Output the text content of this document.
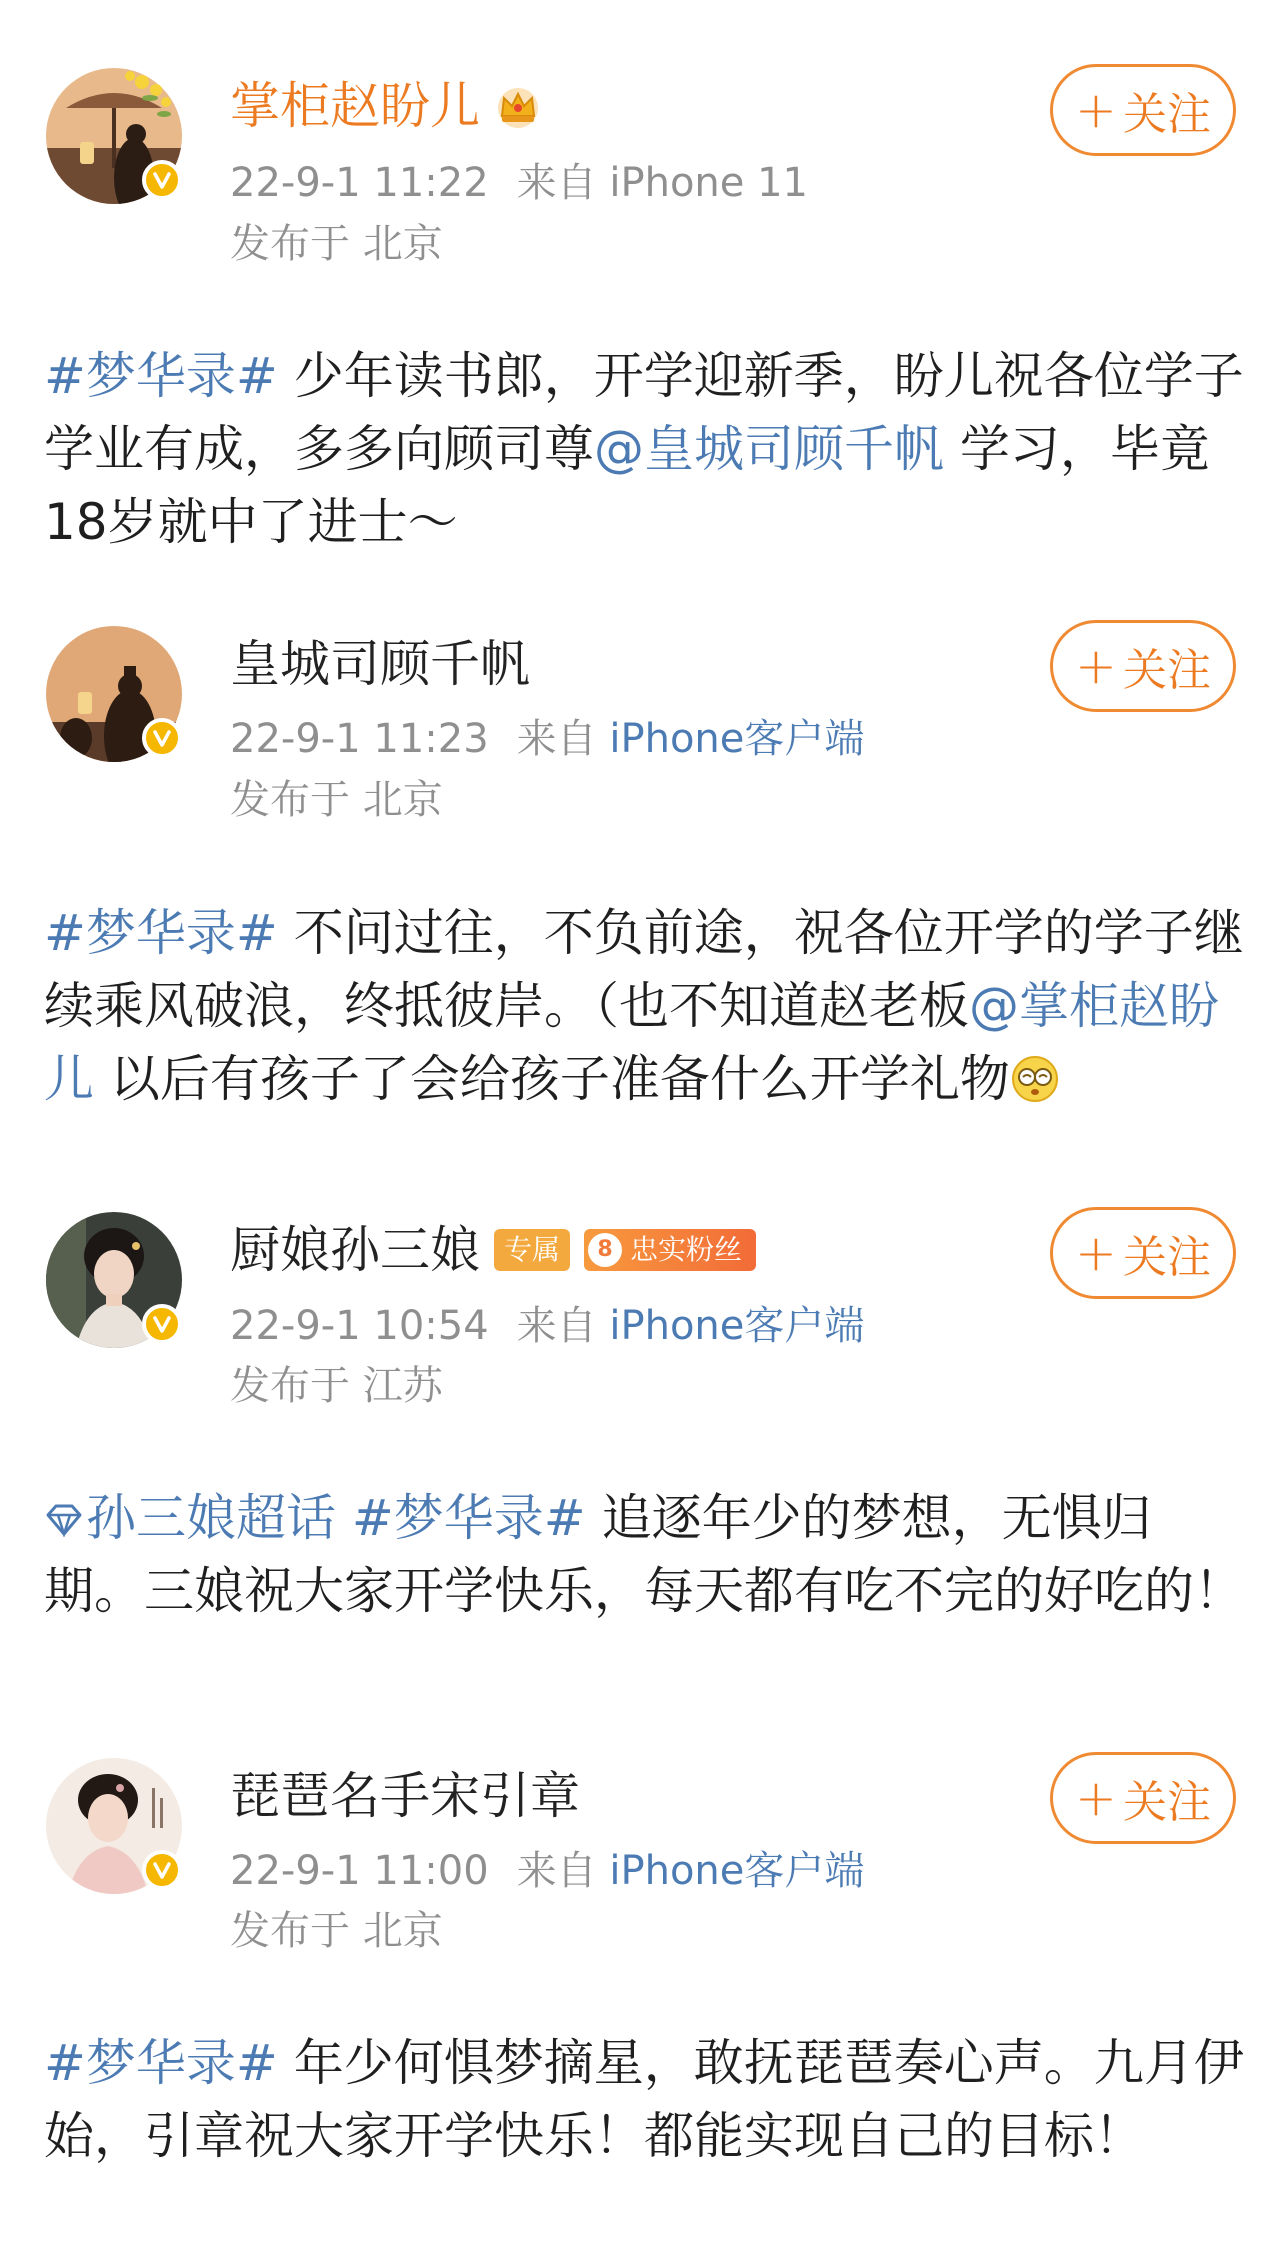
掌柜赵盼儿
22-9-1 11:22 来自 iPhone 11
发布于 北京
+ 关注
#梦华录# 少年读书郎，开学迎新季，盼儿祝各位学子学业有成，多多向顾司尊@皇城司顾千帆 学习，毕竟18岁就中了进士～
皇城司顾千帆
22-9-1 11:23 来自 iPhone客户端
发布于 北京
+ 关注
#梦华录# 不问过往，不负前途，祝各位开学的学子继续乘风破浪，终抵彼岸。（也不知道赵老板@掌柜赵盼儿 以后有孩子了会给孩子准备什么开学礼物
厨娘孙三娘 专属	8 忠实粉丝
22-9-1 10:54 来自 iPhone客户端
发布于 江苏
+ 关注
孙三娘超话 #梦华录# 追逐年少的梦想，无惧归期。三娘祝大家开学快乐，每天都有吃不完的好吃的！
琵琶名手宋引章
22-9-1 11:00 来自 iPhone客户端
发布于 北京
+ 关注
#梦华录# 年少何惧梦摘星，敢抚琵琶奏心声。九月伊始，引章祝大家开学快乐！都能实现自己的目标！
